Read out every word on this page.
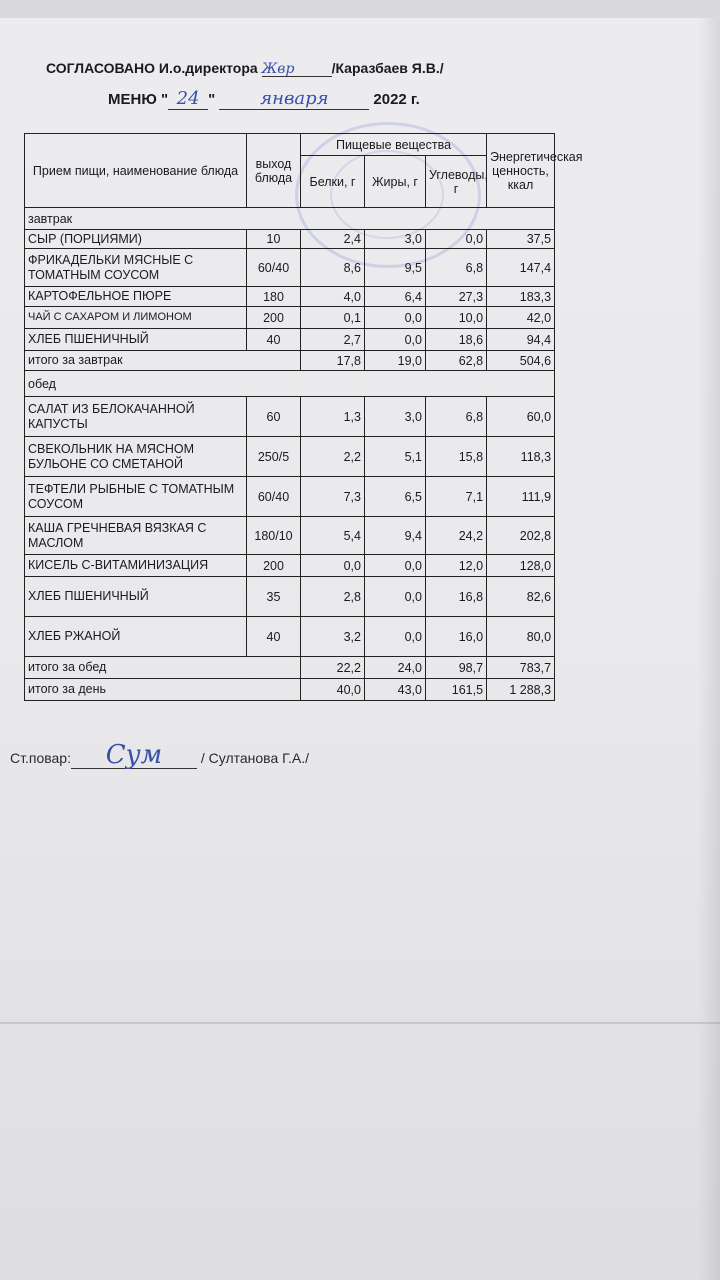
СОГЛАСОВАНО И.о.директора Жвр	/Каразбаев Я.В./
МЕНЮ " 24 " января	2022 г.
Прием пищи, наименование блюда	выход блюда	Пищевые вещества			Энергетическая ценность, ккал
		Белки, г	Жиры, г	Углеводы, г	
завтрак					
СЫР (ПОРЦИЯМИ)	10	2,4	3,0	0,0	37,5
ФРИКАДЕЛЬКИ МЯСНЫЕ С ТОМАТНЫМ СОУСОМ	60/40	8,6	9,5	6,8	147,4
КАРТОФЕЛЬНОЕ ПЮРЕ	180	4,0	6,4	27,3	183,3
ЧАЙ С САХАРОМ И ЛИМОНОМ	200	0,1	0,0	10,0	42,0
ХЛЕБ ПШЕНИЧНЫЙ	40	2,7	0,0	18,6	94,4
итого за завтрак		17,8	19,0	62,8	504,6
обед					
САЛАТ ИЗ БЕЛОКАЧАННОЙ КАПУСТЫ	60	1,3	3,0	6,8	60,0
СВЕКОЛЬНИК НА МЯСНОМ БУЛЬОНЕ СО СМЕТАНОЙ	250/5	2,2	5,1	15,8	118,3
ТЕФТЕЛИ РЫБНЫЕ С ТОМАТНЫМ СОУСОМ	60/40	7,3	6,5	7,1	111,9
КАША ГРЕЧНЕВАЯ ВЯЗКАЯ С МАСЛОМ	180/10	5,4	9,4	24,2	202,8
КИСЕЛЬ С-ВИТАМИНИЗАЦИЯ	200	0,0	0,0	12,0	128,0
ХЛЕБ ПШЕНИЧНЫЙ	35	2,8	0,0	16,8	82,6
ХЛЕБ РЖАНОЙ	40	3,2	0,0	16,0	80,0
итого за обед		22,2	24,0	98,7	783,7
итого за день		40,0	43,0	161,5	1 288,3
Ст.повар: Сум	/ Султанова Г.А./
